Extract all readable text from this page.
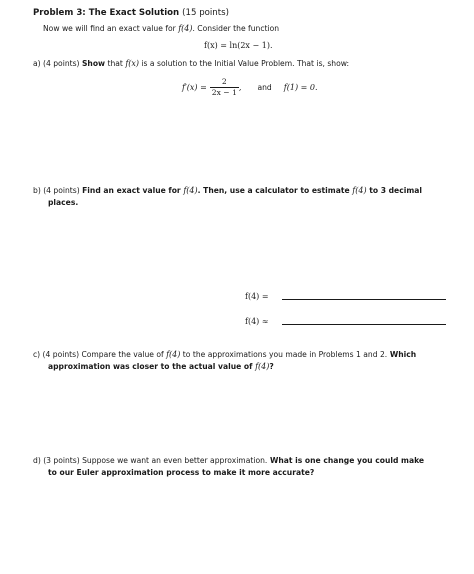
Problem 3: The Exact Solution (15 points)
Now we will find an exact value for f(4). Consider the function
f(x) = ln(2x − 1).
a) (4 points) Show that f(x) is a solution to the Initial Value Problem. That is, show:
$f'(x) = \frac{2}{2x - 1}$ , and f(1) = 0.
b) (4 points) Find an exact value for f(4). Then, use a calculator to estimate f(4) to 3 decimal
places.
f(4) =
f(4) ≈
c) (4 points) Compare the value of f(4) to the approximations you made in Problems 1 and 2. Which
approximation was closer to the actual value of f(4)?
d) (3 points) Suppose we want an even better approximation. What is one change you could make
to our Euler approximation process to make it more accurate?
